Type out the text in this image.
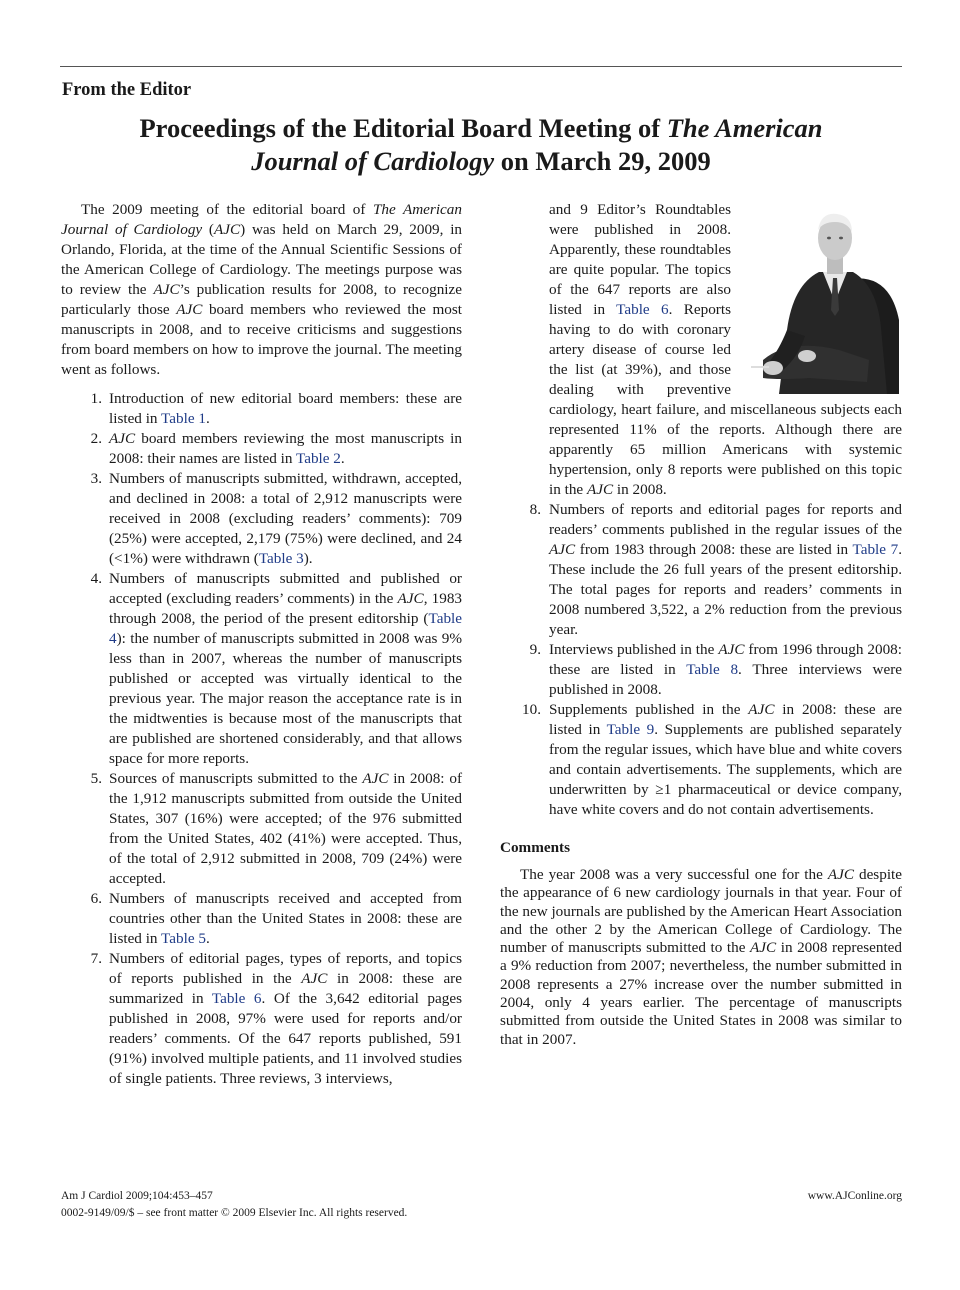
From the Editor
Proceedings of the Editorial Board Meeting of The American
Journal of Cardiology on March 29, 2009

The 2009 meeting of the editorial board of The American Journal of Cardiology (AJC) was held on March 29, 2009, in Orlando, Florida, at the time of the Annual Scientific Sessions of the American College of Cardiology. The meetings purpose was to review the AJC’s publication results for 2008, to recognize particularly those AJC board members who reviewed the most manuscripts in 2008, and to receive criticisms and suggestions from board members on how to improve the journal. The meeting went as follows.

1. Introduction of new editorial board members: these are listed in Table 1.
2. AJC board members reviewing the most manuscripts in 2008: their names are listed in Table 2.
3. Numbers of manuscripts submitted, withdrawn, accepted, and declined in 2008: a total of 2,912 manuscripts were received in 2008 (excluding readers’ comments): 709 (25%) were accepted, 2,179 (75%) were declined, and 24 (<1%) were withdrawn (Table 3).
4. Numbers of manuscripts submitted and published or accepted (excluding readers’ comments) in the AJC, 1983 through 2008, the period of the present editorship (Table 4): the number of manuscripts submitted in 2008 was 9% less than in 2007, whereas the number of manuscripts published or accepted was virtually identical to the previous year. The major reason the acceptance rate is in the midtwenties is because most of the manuscripts that are published are shortened considerably, and that allows space for more reports.
5. Sources of manuscripts submitted to the AJC in 2008: of the 1,912 manuscripts submitted from outside the United States, 307 (16%) were accepted; of the 976 submitted from the United States, 402 (41%) were accepted. Thus, of the total of 2,912 submitted in 2008, 709 (24%) were accepted.
6. Numbers of manuscripts received and accepted from countries other than the United States in 2008: these are listed in Table 5.
7. Numbers of editorial pages, types of reports, and topics of reports published in the AJC in 2008: these are summarized in Table 6. Of the 3,642 editorial pages published in 2008, 97% were used for reports and/or readers’ comments. Of the 647 reports published, 591 (91%) involved multiple patients, and 11 involved studies of single patients. Three reviews, 3 interviews,
and 9 Editor’s Roundtables were published in 2008. Apparently, these roundtables are quite popular. The topics of the 647 reports are also listed in Table 6. Reports having to do with coronary artery disease of course led the list (at 39%), and those dealing with preventive cardiology, heart failure, and miscellaneous subjects each represented 11% of the reports. Although there are apparently 65 million Americans with systemic hypertension, only 8 reports were published on this topic in the AJC in 2008.
8. Numbers of reports and editorial pages for reports and readers’ comments published in the regular issues of the AJC from 1983 through 2008: these are listed in Table 7. These include the 26 full years of the present editorship. The total pages for reports and readers’ comments in 2008 numbered 3,522, a 2% reduction from the previous year.
9. Interviews published in the AJC from 1996 through 2008: these are listed in Table 8. Three interviews were published in 2008.
10. Supplements published in the AJC in 2008: these are listed in Table 9. Supplements are published separately from the regular issues, which have blue and white covers and contain advertisements. The supplements, which are underwritten by ≥1 pharmaceutical or device company, have white covers and do not contain advertisements.

Comments

The year 2008 was a very successful one for the AJC despite the appearance of 6 new cardiology journals in that year. Four of the new journals are published by the American Heart Association and the other 2 by the American College of Cardiology. The number of manuscripts submitted to the AJC in 2008 represented a 9% reduction from 2007; nevertheless, the number submitted in 2008 represents a 27% increase over the number submitted in 2004, only 4 years earlier. The percentage of manuscripts submitted from outside the United States in 2008 was similar to that in 2007.

Am J Cardiol 2009;104:453–457
0002-9149/09/$ – see front matter © 2009 Elsevier Inc. All rights reserved.
www.AJConline.org
